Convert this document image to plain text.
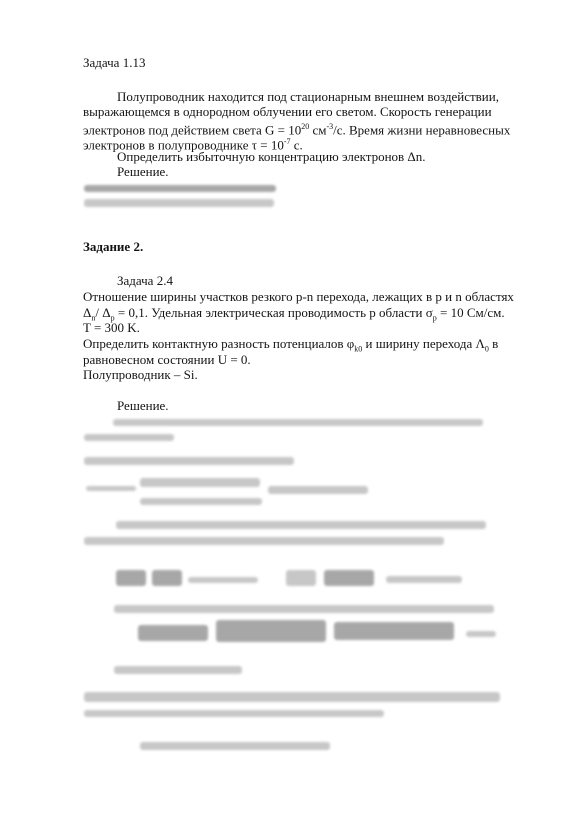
Задача 1.13
Полупроводник находится под стационарным внешнем воздействии,
выражающемся в однородном облучении его светом. Скорость генерации
электронов под действием света $G = 10^{20}$ $см^{-3}/с$. Время жизни неравновесных
электронов в полупроводнике $\tau = 10^{-7}$ с.
Определить избыточную концентрацию электронов Δn.
Решение.
Задание 2.
Задача 2.4
Отношение ширины участков резкого p-n перехода, лежащих в p и n областях
$\Delta_n/$ $\Delta_p = 0,1$. Удельная электрическая проводимость p области $\sigma_p = 10$ См/см.
T = 300 K.
Определить контактную разность потенциалов $\varphi_{k0}$ и ширину перехода $\Lambda_0$ в
равновесном состоянии U = 0.
Полупроводник – Si.
Решение.
